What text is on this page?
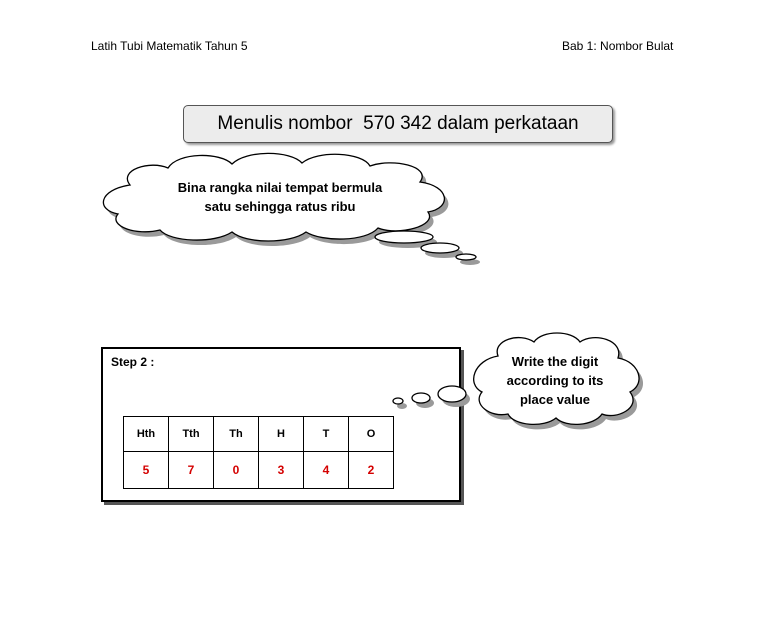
Latih Tubi Matematik Tahun 5	Bab 1: Nombor Bulat
Menulis nombor  570 342 dalam perkataan
Bina rangka nilai tempat bermula
satu sehingga ratus ribu
Step 2 :
Hth	Tth	Th	H	T	O
5	7	0	3	4	2
Write the digit
according to its
place value
